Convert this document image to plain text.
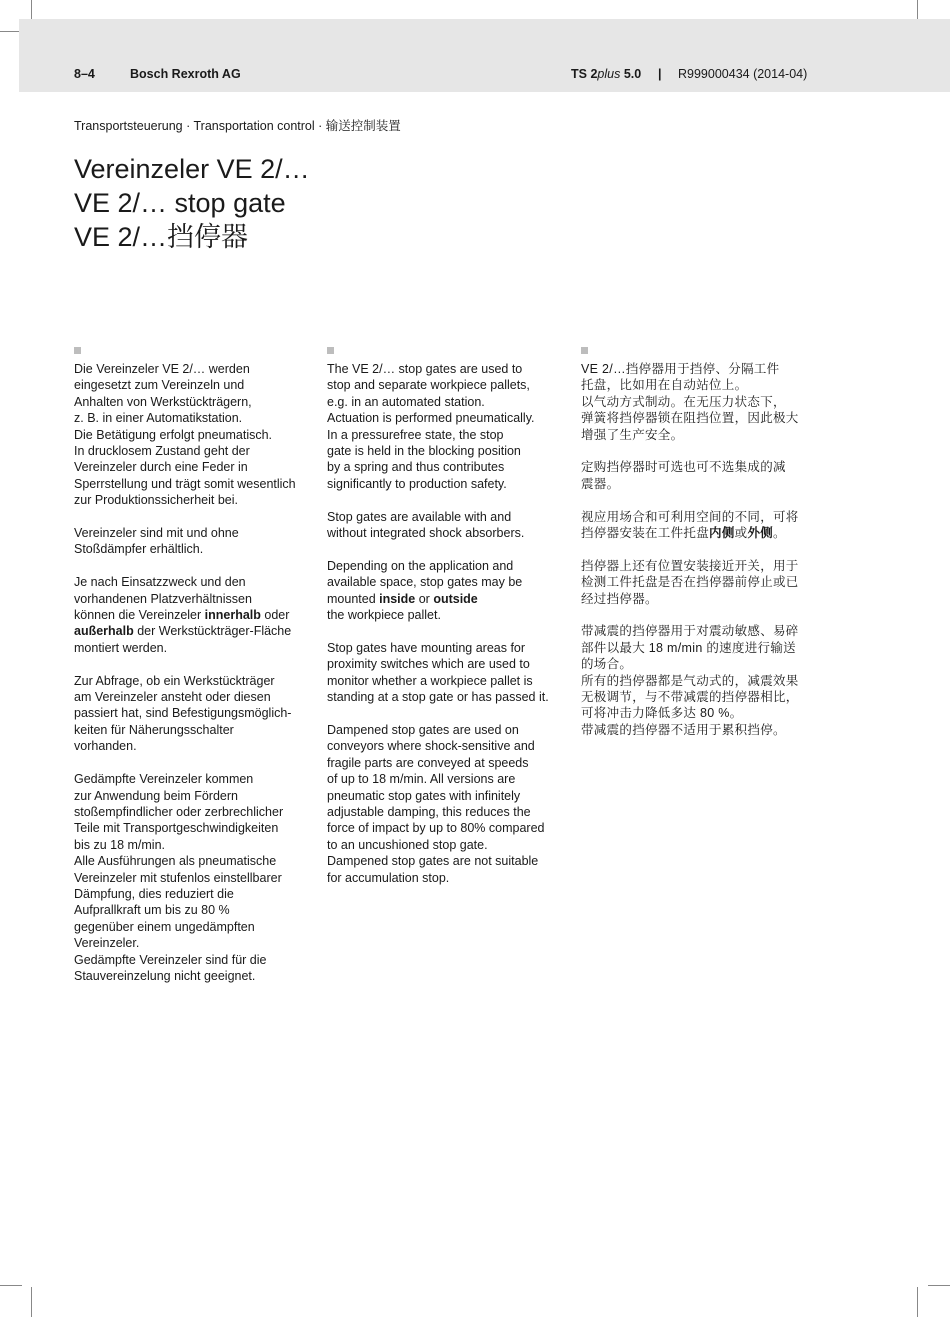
8–4	Bosch Rexroth AG	TS 2plus 5.0 | R999000434 (2014-04)
Transportsteuerung · Transportation control · 输送控制装置
Vereinzeler VE 2/…
VE 2/… stop gate
VE 2/…挡停器

Die Vereinzeler VE 2/… werden
eingesetzt zum Vereinzeln und
Anhalten von Werkstückträgern,
z. B. in einer Automatikstation.
Die Betätigung erfolgt pneumatisch.
In drucklosem Zustand geht der
Vereinzeler durch eine Feder in
Sperrstellung und trägt somit wesentlich
zur Produktionssicherheit bei.

Vereinzeler sind mit und ohne
Stoßdämpfer erhältlich.

Je nach Einsatzzweck und den
vorhandenen Platzverhältnissen
können die Vereinzeler innerhalb oder
außerhalb der Werkstückträger-Fläche
montiert werden.

Zur Abfrage, ob ein Werkstückträger
am Vereinzeler ansteht oder diesen
passiert hat, sind Befestigungsmöglich-
keiten für Näherungsschalter
vorhanden.

Gedämpfte Vereinzeler kommen
zur Anwendung beim Fördern
stoßempfindlicher oder zerbrechlicher
Teile mit Transportgeschwindigkeiten
bis zu 18 m/min.
Alle Ausführungen als pneumatische
Vereinzeler mit stufenlos einstellbarer
Dämpfung, dies reduziert die
Aufprallkraft um bis zu 80 %
gegenüber einem ungedämpften
Vereinzeler.
Gedämpfte Vereinzeler sind für die
Stauvereinzelung nicht geeignet.

The VE 2/… stop gates are used to
stop and separate workpiece pallets,
e.g. in an automated station.
Actuation is performed pneumatically.
In a pressurefree state, the stop
gate is held in the blocking position
by a spring and thus contributes
significantly to production safety.

Stop gates are available with and
without integrated shock absorbers.

Depending on the application and
available space, stop gates may be
mounted inside or outside
the workpiece pallet.

Stop gates have mounting areas for
proximity switches which are used to
monitor whether a workpiece pallet is
standing at a stop gate or has passed it.

Dampened stop gates are used on
conveyors where shock-sensitive and
fragile parts are conveyed at speeds
of up to 18 m/min. All versions are
pneumatic stop gates with infinitely
adjustable damping, this reduces the
force of impact by up to 80% compared
to an uncushioned stop gate.
Dampened stop gates are not suitable
for accumulation stop.

VE 2/…挡停器用于挡停、分隔工件
托盘，比如用在自动站位上。
以气动方式制动。在无压力状态下，
弹簧将挡停器锁在阻挡位置，因此极大
增强了生产安全。

定购挡停器时可选也可不选集成的减
震器。

视应用场合和可利用空间的不同，可将
挡停器安装在工件托盘内侧或外侧。

挡停器上还有位置安装接近开关，用于
检测工件托盘是否在挡停器前停止或已
经过挡停器。

带减震的挡停器用于对震动敏感、易碎
部件以最大 18 m/min 的速度进行输送
的场合。
所有的挡停器都是气动式的，减震效果
无极调节，与不带减震的挡停器相比，
可将冲击力降低多达 80 %。
带减震的挡停器不适用于累积挡停。
